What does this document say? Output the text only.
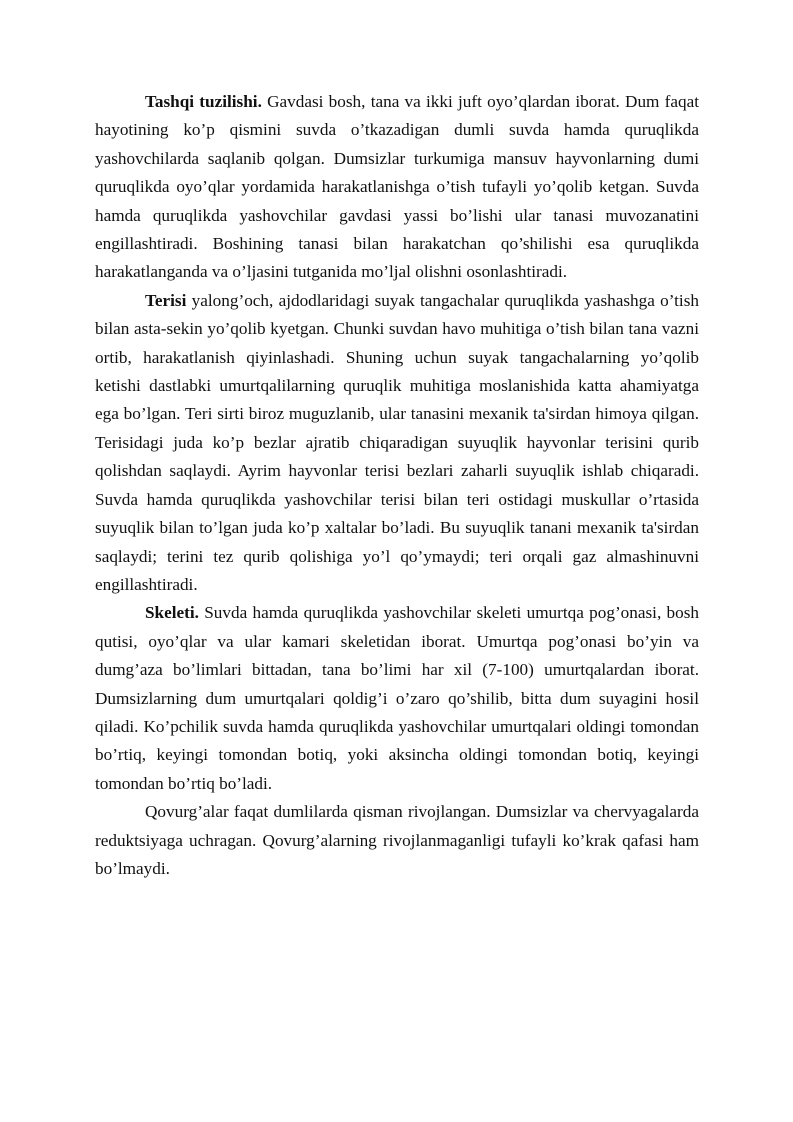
Tashqi tuzilishi. Gavdasi bosh, tana va ikki juft oyo’qlardan iborat. Dum faqat hayotining ko’p qismini suvda o’tkazadigan dumli suvda hamda quruqlikda yashovchilarda saqlanib qolgan. Dumsizlar turkumiga mansuv hayvonlarning dumi quruqlikda oyo’qlar yordamida harakatlanishga o’tish tufayli yo’qolib ketgan. Suvda hamda quruqlikda yashovchilar gavdasi yassi bo’lishi ular tanasi muvozanatini engillashtiradi. Boshining tanasi bilan harakatchan qo’shilishi esa quruqlikda harakatlanganda va o’ljasini tutganida mo’ljal olishni osonlashtiradi.

Terisi yalong’och, ajdodlaridagi suyak tangachalar quruqlikda yashashga o’tish bilan asta-sekin yo’qolib kyetgan. Chunki suvdan havo muhitiga o’tish bilan tana vazni ortib, harakatlanish qiyinlashadi. Shuning uchun suyak tangachalarning yo’qolib ketishi dastlabki umurtqalilarning quruqlik muhitiga moslanishida katta ahamiyatga ega bo’lgan. Teri sirti biroz muguzlanib, ular tanasini mexanik ta'sirdan himoya qilgan. Terisidagi juda ko’p bezlar ajratib chiqaradigan suyuqlik hayvonlar terisini qurib qolishdan saqlaydi. Ayrim hayvonlar terisi bezlari zaharli suyuqlik ishlab chiqaradi. Suvda hamda quruqlikda yashovchilar terisi bilan teri ostidagi muskullar o’rtasida suyuqlik bilan to’lgan juda ko’p xaltalar bo’ladi. Bu suyuqlik tanani mexanik ta'sirdan saqlaydi; terini tez qurib qolishiga yo’l qo’ymaydi; teri orqali gaz almashinuvni engillashtiradi.

Skeleti. Suvda hamda quruqlikda yashovchilar skeleti umurtqa pog’onasi, bosh qutisi, oyo’qlar va ular kamari skeletidan iborat. Umurtqa pog’onasi bo’yin va dumg’aza bo’limlari bittadan, tana bo’limi har xil (7-100) umurtqalardan iborat. Dumsizlarning dum umurtqalari qoldig’i o’zaro qo’shilib, bitta dum suyagini hosil qiladi. Ko’pchilik suvda hamda quruqlikda yashovchilar umurtqalari oldingi tomondan bo’rtiq, keyingi tomondan botiq, yoki aksincha oldingi tomondan botiq, keyingi tomondan bo’rtiq bo’ladi.

Qovurg’alar faqat dumlilarda qisman rivojlangan. Dumsizlar va chervyagalarda reduktsiyaga uchragan. Qovurg’alarning rivojlanmaganligi tufayli ko’krak qafasi ham bo’lmaydi.
